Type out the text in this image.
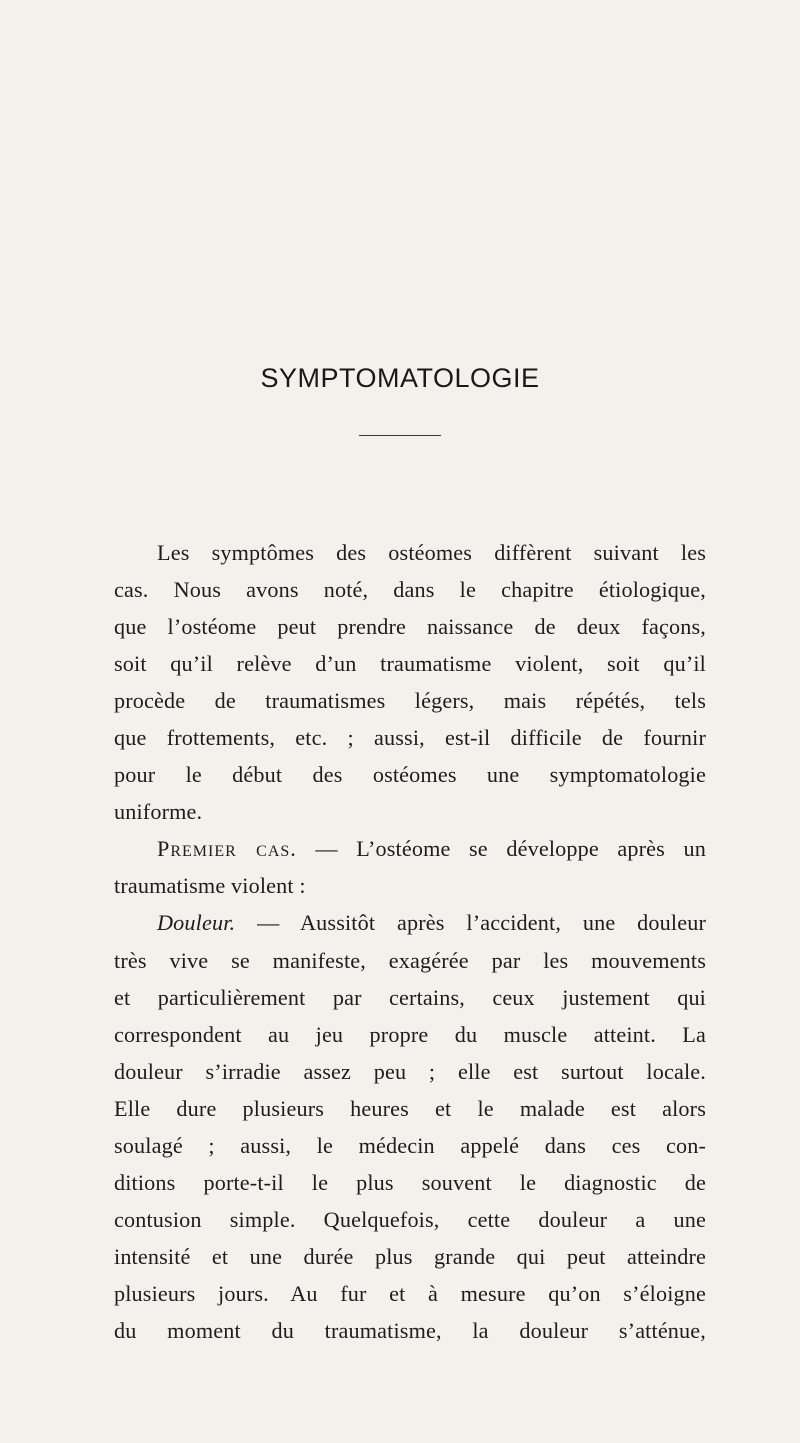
SYMPTOMATOLOGIE
Les symptômes des ostéomes diffèrent suivant les
cas. Nous avons noté, dans le chapitre étiologique,
que l’ostéome peut prendre naissance de deux façons,
soit qu’il relève d’un traumatisme violent, soit qu’il
procède de traumatismes légers, mais répétés, tels
que frottements, etc. ; aussi, est-il difficile de fournir
pour le début des ostéomes une symptomatologie
uniforme.
Premier cas. — L’ostéome se développe après un
traumatisme violent :
Douleur. — Aussitôt après l’accident, une douleur
très vive se manifeste, exagérée par les mouvements
et particulièrement par certains, ceux justement qui
correspondent au jeu propre du muscle atteint. La
douleur s’irradie assez peu ; elle est surtout locale.
Elle dure plusieurs heures et le malade est alors
soulagé ; aussi, le médecin appelé dans ces con-
ditions porte-t-il le plus souvent le diagnostic de
contusion simple. Quelquefois, cette douleur a une
intensité et une durée plus grande qui peut atteindre
plusieurs jours. Au fur et à mesure qu’on s’éloigne
du moment du traumatisme, la douleur s’atténue,
